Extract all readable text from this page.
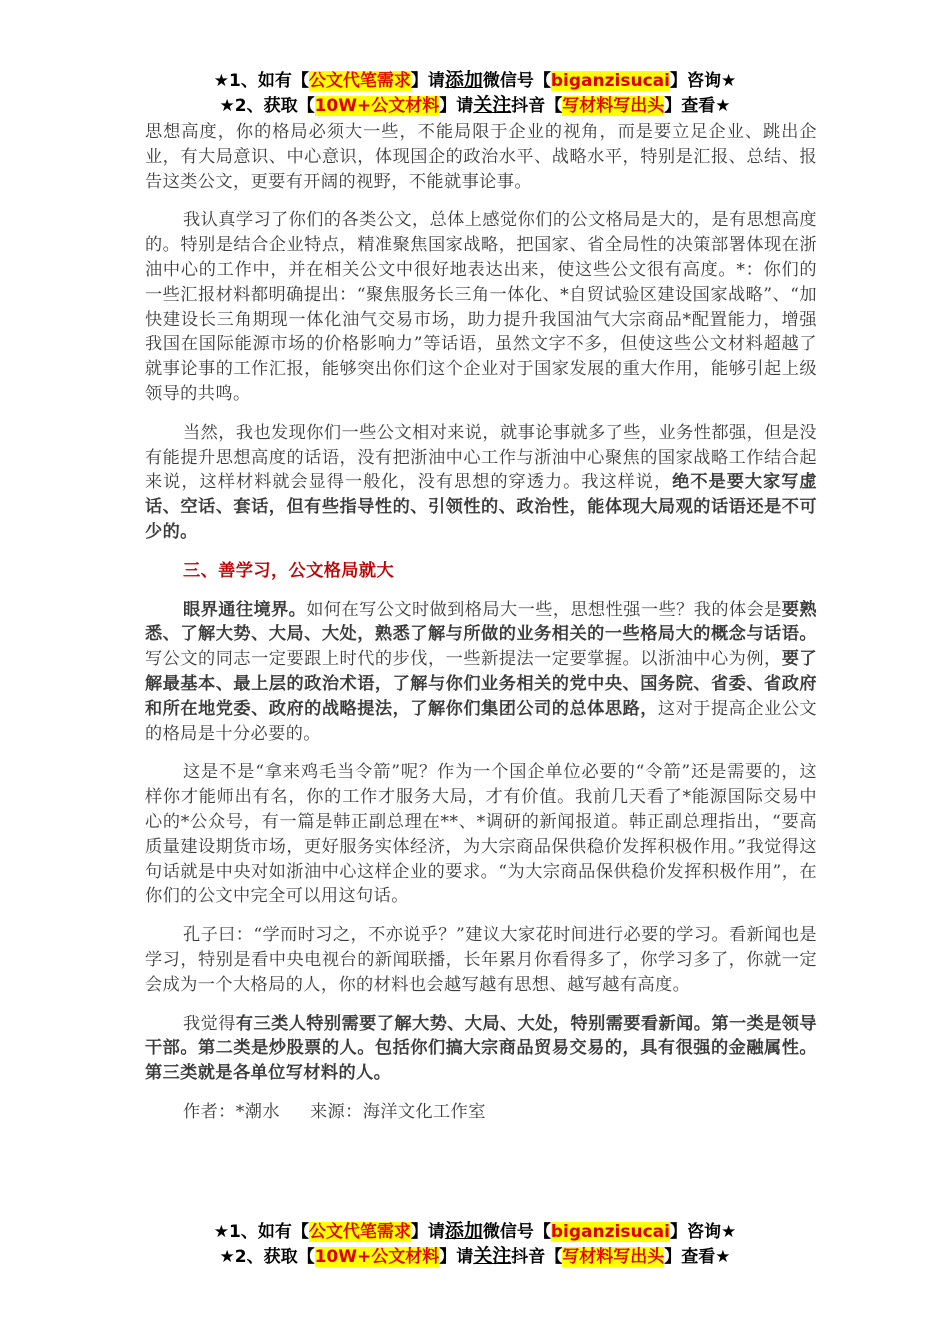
★1、如有【公文代笔需求】请添加微信号【biganzisucai】咨询★
★2、获取【10W+公文材料】请关注抖音【写材料写出头】查看★

思想高度，你的格局必须大一些，不能局限于企业的视角，而是要立足企业、跳出企业，有大局意识、中心意识，体现国企的政治水平、战略水平，特别是汇报、总结、报告这类公文，更要有开阔的视野，不能就事论事。

我认真学习了你们的各类公文，总体上感觉你们的公文格局是大的，是有思想高度的。特别是结合企业特点，精准聚焦国家战略，把国家、省全局性的决策部署体现在浙油中心的工作中，并在相关公文中很好地表达出来，使这些公文很有高度。*：你们的一些汇报材料都明确提出：“聚焦服务长三角一体化、*自贸试验区建设国家战略”、“加快建设长三角期现一体化油气交易市场，助力提升我国油气大宗商品*配置能力，增强我国在国际能源市场的价格影响力”等话语，虽然文字不多，但使这些公文材料超越了就事论事的工作汇报，能够突出你们这个企业对于国家发展的重大作用，能够引起上级领导的共鸣。

当然，我也发现你们一些公文相对来说，就事论事就多了些，业务性都强，但是没有能提升思想高度的话语，没有把浙油中心工作与浙油中心聚焦的国家战略工作结合起来说，这样材料就会显得一般化，没有思想的穿透力。我这样说，绝不是要大家写虚话、空话、套话，但有些指导性的、引领性的、政治性，能体现大局观的话语还是不可少的。

三、善学习，公文格局就大

眼界通往境界。如何在写公文时做到格局大一些，思想性强一些？我的体会是要熟悉、了解大势、大局、大处，熟悉了解与所做的业务相关的一些格局大的概念与话语。写公文的同志一定要跟上时代的步伐，一些新提法一定要掌握。以浙油中心为例，要了解最基本、最上层的政治术语，了解与你们业务相关的党中央、国务院、省委、省政府和所在地党委、政府的战略提法，了解你们集团公司的总体思路，这对于提高企业公文的格局是十分必要的。

这是不是“拿来鸡毛当令箭”呢？作为一个国企单位必要的“令箭”还是需要的，这样你才能师出有名，你的工作才服务大局，才有价值。我前几天看了*能源国际交易中心的*公众号，有一篇是韩正副总理在**、*调研的新闻报道。韩正副总理指出，“要高质量建设期货市场，更好服务实体经济，为大宗商品保供稳价发挥积极作用。”我觉得这句话就是中央对如浙油中心这样企业的要求。“为大宗商品保供稳价发挥积极作用”，在你们的公文中完全可以用这句话。

孔子曰：“学而时习之，不亦说乎？”建议大家花时间进行必要的学习。看新闻也是学习，特别是看中央电视台的新闻联播，长年累月你看得多了，你学习多了，你就一定会成为一个大格局的人，你的材料也会越写越有思想、越写越有高度。

我觉得有三类人特别需要了解大势、大局、大处，特别需要看新闻。第一类是领导干部。第二类是炒股票的人。包括你们搞大宗商品贸易交易的，具有很强的金融属性。第三类就是各单位写材料的人。

作者：*潮水 来源：海洋文化工作室

★1、如有【公文代笔需求】请添加微信号【biganzisucai】咨询★
★2、获取【10W+公文材料】请关注抖音【写材料写出头】查看★
